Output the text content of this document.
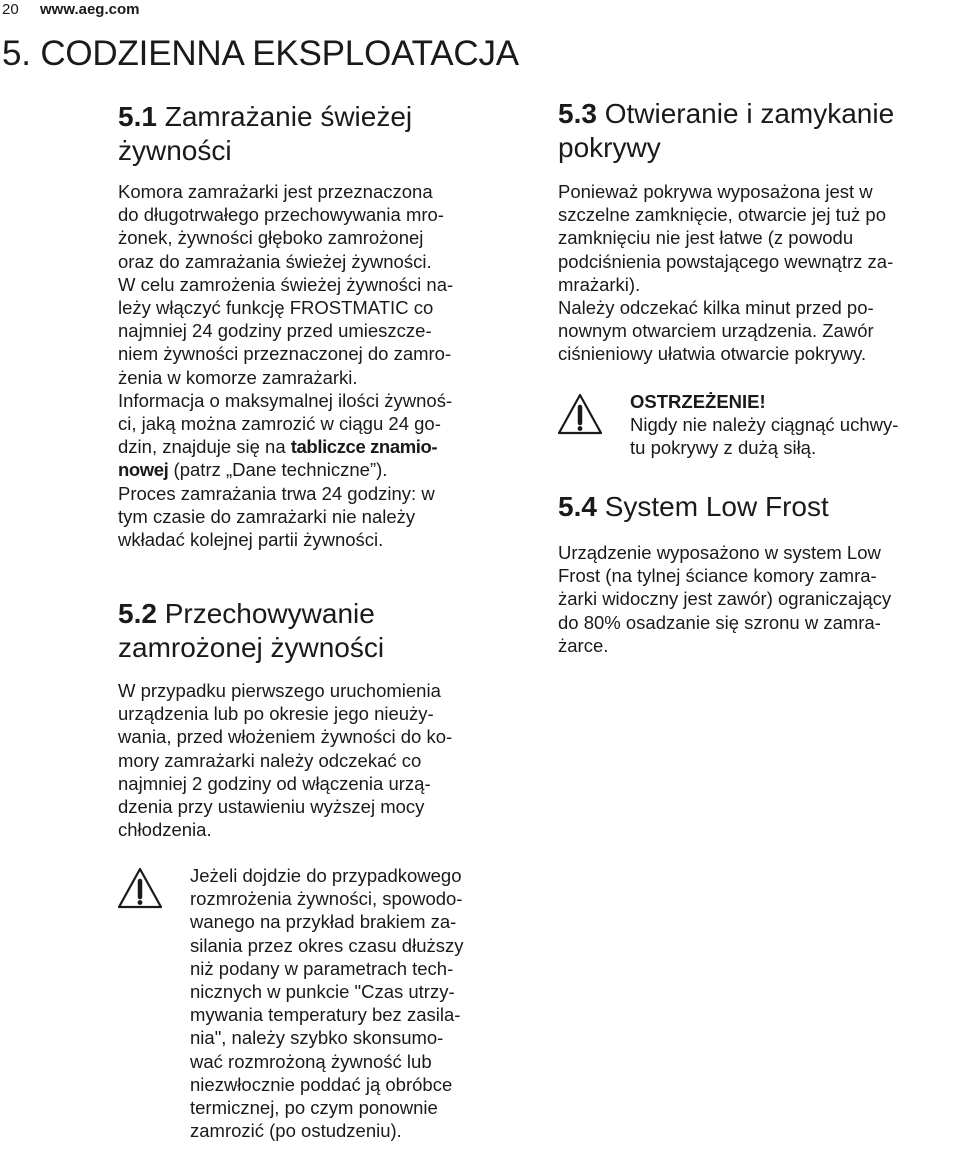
20 www.aeg.com
5. CODZIENNA EKSPLOATACJA
5.1 Zamrażanie świeżej
żywności
Komora zamrażarki jest przeznaczona
do długotrwałego przechowywania mro-
żonek, żywności głęboko zamrożonej
oraz do zamrażania świeżej żywności.
W celu zamrożenia świeżej żywności na-
leży włączyć funkcję FROSTMATIC co
najmniej 24 godziny przed umieszcze-
niem żywności przeznaczonej do zamro-
żenia w komorze zamrażarki.
Informacja o maksymalnej ilości żywnoś-
ci, jaką można zamrozić w ciągu 24 go-
dzin, znajduje się na tabliczce znamio-
nowej (patrz „Dane techniczne”).
Proces zamrażania trwa 24 godziny: w
tym czasie do zamrażarki nie należy
wkładać kolejnej partii żywności.
5.2 Przechowywanie
zamrożonej żywności
W przypadku pierwszego uruchomienia
urządzenia lub po okresie jego nieuży-
wania, przed włożeniem żywności do ko-
mory zamrażarki należy odczekać co
najmniej 2 godziny od włączenia urzą-
dzenia przy ustawieniu wyższej mocy
chłodzenia.
Jeżeli dojdzie do przypadkowego
rozmrożenia żywności, spowodo-
wanego na przykład brakiem za-
silania przez okres czasu dłuższy
niż podany w parametrach tech-
nicznych w punkcie "Czas utrzy-
mywania temperatury bez zasila-
nia", należy szybko skonsumo-
wać rozmrożoną żywność lub
niezwłocznie poddać ją obróbce
termicznej, po czym ponownie
zamrozić (po ostudzeniu).
5.3 Otwieranie i zamykanie
pokrywy
Ponieważ pokrywa wyposażona jest w
szczelne zamknięcie, otwarcie jej tuż po
zamknięciu nie jest łatwe (z powodu
podciśnienia powstającego wewnątrz za-
mrażarki).
Należy odczekać kilka minut przed po-
nownym otwarciem urządzenia. Zawór
ciśnieniowy ułatwia otwarcie pokrywy.
OSTRZEŻENIE!
Nigdy nie należy ciągnąć uchwy-
tu pokrywy z dużą siłą.
5.4 System Low Frost
Urządzenie wyposażono w system Low
Frost (na tylnej ściance komory zamra-
żarki widoczny jest zawór) ograniczający
do 80% osadzanie się szronu w zamra-
żarce.
